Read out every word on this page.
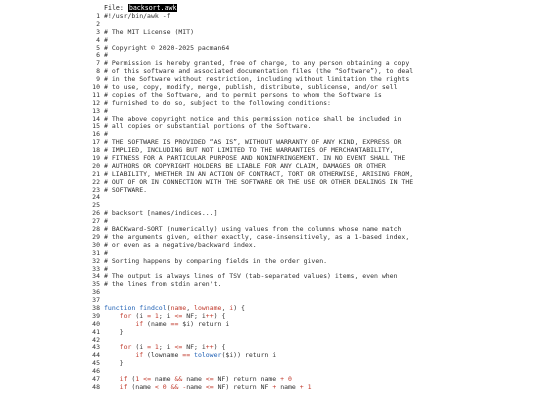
File: backsort.awk
1 #!/usr/bin/awk -f
2
3 # The MIT License (MIT)
4 #
5 # Copyright © 2020-2025 pacman64
6 #
7 # Permission is hereby granted, free of charge, to any person obtaining a copy
8 # of this software and associated documentation files (the “Software”), to deal
9 # in the Software without restriction, including without limitation the rights
10 # to use, copy, modify, merge, publish, distribute, sublicense, and/or sell
11 # copies of the Software, and to permit persons to whom the Software is
12 # furnished to do so, subject to the following conditions:
13 #
14 # The above copyright notice and this permission notice shall be included in
15 # all copies or substantial portions of the Software.
16 #
17 # THE SOFTWARE IS PROVIDED “AS IS”, WITHOUT WARRANTY OF ANY KIND, EXPRESS OR
18 # IMPLIED, INCLUDING BUT NOT LIMITED TO THE WARRANTIES OF MERCHANTABILITY,
19 # FITNESS FOR A PARTICULAR PURPOSE AND NONINFRINGEMENT. IN NO EVENT SHALL THE
20 # AUTHORS OR COPYRIGHT HOLDERS BE LIABLE FOR ANY CLAIM, DAMAGES OR OTHER
21 # LIABILITY, WHETHER IN AN ACTION OF CONTRACT, TORT OR OTHERWISE, ARISING FROM,
22 # OUT OF OR IN CONNECTION WITH THE SOFTWARE OR THE USE OR OTHER DEALINGS IN THE
23 # SOFTWARE.
24
25
26 # backsort [names/indices...]
27 #
28 # BACKward-SORT (numerically) using values from the columns whose name match
29 # the arguments given, either exactly, case-insensitively, as a 1-based index,
30 # or even as a negative/backward index.
31 #
32 # Sorting happens by comparing fields in the order given.
33 #
34 # The output is always lines of TSV (tab-separated values) items, even when
35 # the lines from stdin aren't.
36
37
38 function findcol(name, lowname, i) {
39	for (i = 1; i <= NF; i++) {
40	if (name == $i) return i
41 }
42
43	for (i = 1; i <= NF; i++) {
44	if (lowname == tolower($i)) return i
45 }
46
47	if (1 <= name && name <= NF) return name + 0
48	if (name < 0 && -name <= NF) return NF + name + 1
